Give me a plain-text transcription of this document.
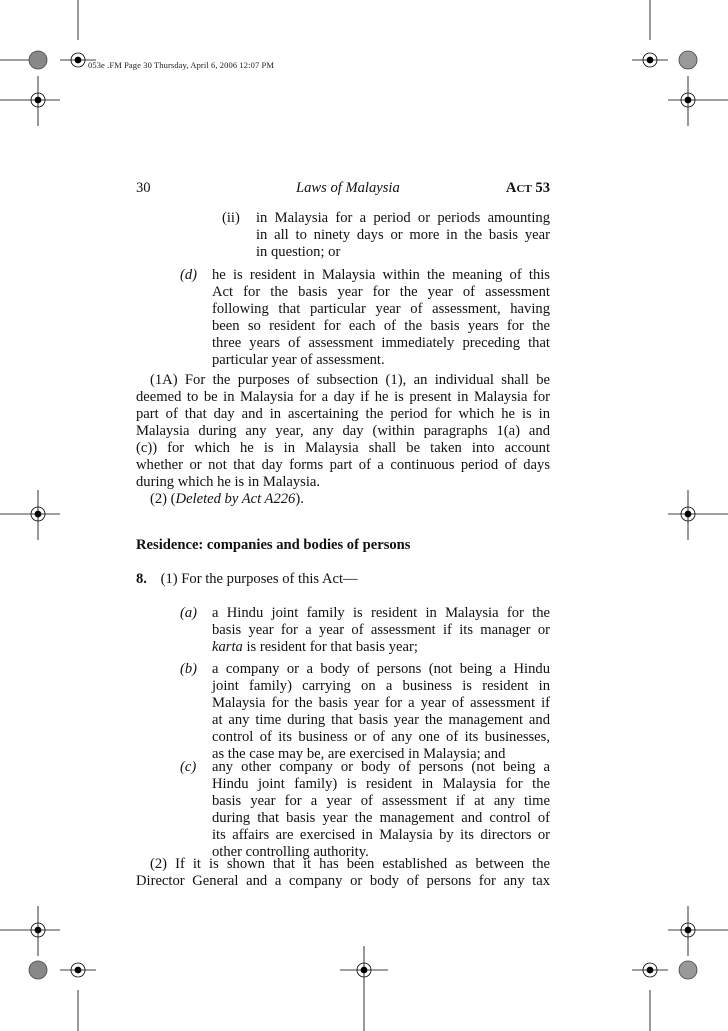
053e .FM Page 30 Thursday, April 6, 2006 12:07 PM
30	Laws of Malaysia	ACT 53
(ii) in Malaysia for a period or periods amounting
in all to ninety days or more in the basis year
in question; or
(d) he is resident in Malaysia within the meaning of this
Act for the basis year for the year of assessment
following that particular year of assessment, having
been so resident for each of the basis years for the
three years of assessment immediately preceding that
particular year of assessment.
(1A) For the purposes of subsection (1), an individual shall be
deemed to be in Malaysia for a day if he is present in Malaysia for
part of that day and in ascertaining the period for which he is in
Malaysia during any year, any day (within paragraphs 1(a) and
(c)) for which he is in Malaysia shall be taken into account
whether or not that day forms part of a continuous period of days
during which he is in Malaysia.
(2) (Deleted by Act A226).
Residence: companies and bodies of persons
8. (1) For the purposes of this Act—
(a) a Hindu joint family is resident in Malaysia for the
basis year for a year of assessment if its manager or
karta is resident for that basis year;
(b) a company or a body of persons (not being a Hindu
joint family) carrying on a business is resident in
Malaysia for the basis year for a year of assessment if
at any time during that basis year the management and
control of its business or of any one of its businesses,
as the case may be, are exercised in Malaysia; and
(c) any other company or body of persons (not being a
Hindu joint family) is resident in Malaysia for the
basis year for a year of assessment if at any time
during that basis year the management and control of
its affairs are exercised in Malaysia by its directors or
other controlling authority.
(2) If it is shown that it has been established as between the
Director General and a company or body of persons for any tax
